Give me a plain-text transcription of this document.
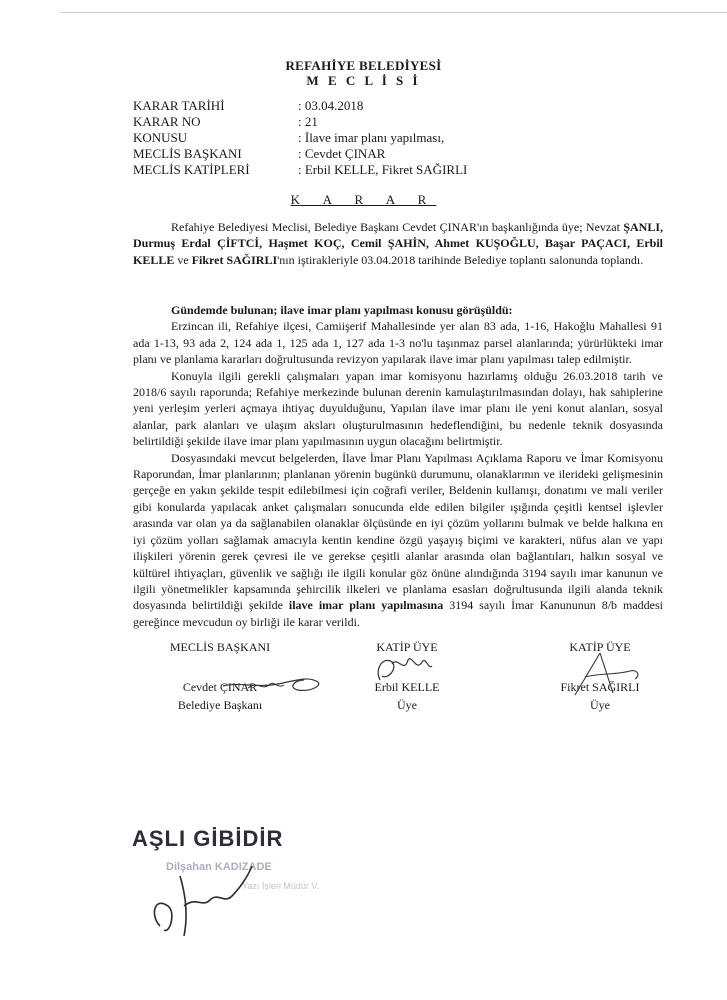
REFAHİYE BELEDİYESİ
M E C L İ S İ
KARAR TARİHİ	: 03.04.2018
KARAR NO	: 21
KONUSU	: İlave imar planı yapılması,
MECLİS BAŞKANI	: Cevdet ÇINAR
MECLİS KATİPLERİ	: Erbil KELLE, Fikret SAĞIRLI
K A R A R
Refahiye Belediyesi Meclisi, Belediye Başkanı Cevdet ÇINAR'ın başkanlığında üye; Nevzat ŞANLI, Durmuş Erdal ÇİFTCİ, Haşmet KOÇ, Cemil ŞAHİN, Ahmet KUŞOĞLU, Başar PAÇACI, Erbil KELLE ve Fikret SAĞIRLI'nın iştirakleriyle 03.04.2018 tarihinde Belediye toplantı salonunda toplandı.
Gündemde bulunan; ilave imar planı yapılması konusu görüşüldü:
Erzincan ili, Refahiye ilçesi, Camiişerif Mahallesinde yer alan 83 ada, 1-16, Hakoğlu Mahallesi 91 ada 1-13, 93 ada 2, 124 ada 1, 125 ada 1, 127 ada 1-3 no'lu taşınmaz parsel alanlarında; yürürlükteki imar planı ve planlama kararları doğrultusunda revizyon yapılarak ilave imar planı yapılması talep edilmiştir.
Konuyla ilgili gerekli çalışmaları yapan imar komisyonu hazırlamış olduğu 26.03.2018 tarih ve 2018/6 sayılı raporunda; Refahiye merkezinde bulunan derenin kamulaştırılmasından dolayı, hak sahiplerine yeni yerleşim yerleri açmaya ihtiyaç duyulduğunu, Yapılan ilave imar planı ile yeni konut alanları, sosyal alanlar, park alanları ve ulaşım aksları oluşturulmasının hedeflendiğini, bu nedenle teknik dosyasında belirtildiği şekilde ilave imar planı yapılmasının uygun olacağını belirtmiştir.
Dosyasındaki mevcut belgelerden, İlave İmar Planı Yapılması Açıklama Raporu ve İmar Komisyonu Raporundan, İmar planlarının; planlanan yörenin bugünkü durumunu, olanaklarının ve ilerideki gelişmesinin gerçeğe en yakın şekilde tespit edilebilmesi için coğrafi veriler, Beldenin kullanışı, donatımı ve mali veriler gibi konularda yapılacak anket çalışmaları sonucunda elde edilen bilgiler ışığında çeşitli kentsel işlevler arasında var olan ya da sağlanabilen olanaklar ölçüsünde en iyi çözüm yollarını bulmak ve belde halkına en iyi çözüm yolları sağlamak amacıyla kentin kendine özgü yaşayış biçimi ve karakteri, nüfus alan ve yapı ilişkileri yörenin gerek çevresi ile ve gerekse çeşitli alanlar arasında olan bağlantıları, halkın sosyal ve kültürel ihtiyaçları, güvenlik ve sağlığı ile ilgili konular göz önüne alındığında 3194 sayılı imar kanunun ve ilgili yönetmelikler kapsamında şehircilik ilkeleri ve planlama esasları doğrultusunda ilgili alanda teknik dosyasında belirtildiği şekilde ilave imar planı yapılmasına 3194 sayılı İmar Kanununun 8/b maddesi gereğince mevcudun oy birliği ile karar verildi.
MECLİS BAŞKANI
Cevdet ÇINAR
Belediye Başkanı
KATİP ÜYE
Erbil KELLE
Üye
KATİP ÜYE
Fikret SAĞIRLI
Üye
AŞLI GİBİDİR
Dilşahan KADIZADE
Yazı İşleri Müdür V.
